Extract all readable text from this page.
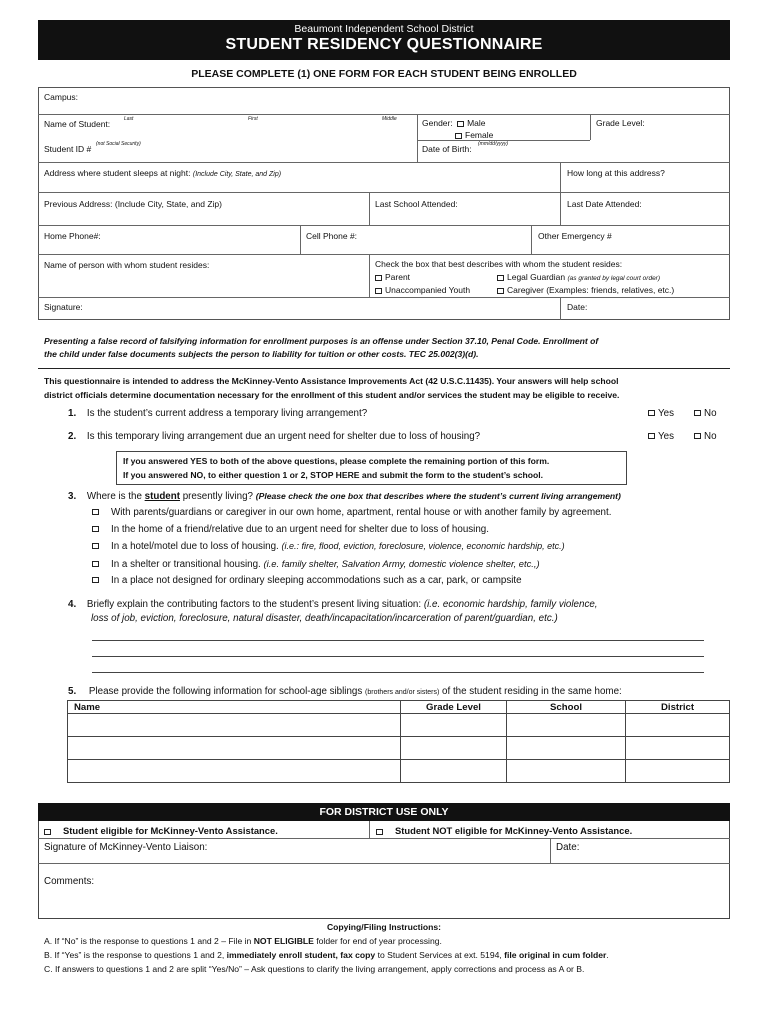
Beaumont Independent School District
STUDENT RESIDENCY QUESTIONNAIRE
PLEASE COMPLETE (1) ONE FORM FOR EACH STUDENT BEING ENROLLED
Campus:
Name of Student:	Last	First	Middle	Gender: Male
Female
Grade Level:
Student ID # (not Social Security)	Date of Birth: (mm/dd/yyyy)
Address where student sleeps at night: (Include City, State, and Zip)	How long at this address?
Previous Address: (Include City, State, and Zip)	Last School Attended:	Last Date Attended:
Home Phone#:	Cell Phone #:	Other Emergency #
Name of person with whom student resides:	Check the box that best describes with whom the student resides:
Parent	Legal Guardian (as granted by legal court order)
Unaccompanied Youth	Caregiver (Examples: friends, relatives, etc.)
Signature:	Date:
Presenting a false record of falsifying information for enrollment purposes is an offense under Section 37.10, Penal Code. Enrollment of
the child under false documents subjects the person to liability for tuition or other costs. TEC 25.002(3)(d).
This questionnaire is intended to address the McKinney-Vento Assistance Improvements Act (42 U.S.C.11435). Your answers will help school
district officials determine documentation necessary for the enrollment of this student and/or services the student may be eligible to receive.
1. Is the student’s current address a temporary living arrangement?	Yes	No
2. Is this temporary living arrangement due an urgent need for shelter due to loss of housing?	Yes	No
If you answered YES to both of the above questions, please complete the remaining portion of this form.
If you answered NO, to either question 1 or 2, STOP HERE and submit the form to the student’s school.
3. Where is the student presently living? (Please check the one box that describes where the student’s current living arrangement)
With parents/guardians or caregiver in our own home, apartment, rental house or with another family by agreement.
In the home of a friend/relative due to an urgent need for shelter due to loss of housing.
In a hotel/motel due to loss of housing. (i.e.: fire, flood, eviction, foreclosure, violence, economic hardship, etc.)
In a shelter or transitional housing. (i.e. family shelter, Salvation Army, domestic violence shelter, etc.,)
In a place not designed for ordinary sleeping accommodations such as a car, park, or campsite
4. Briefly explain the contributing factors to the student’s present living situation: (i.e. economic hardship, family violence,
loss of job, eviction, foreclosure, natural disaster, death/incapacitation/incarceration of parent/guardian, etc.)
5. Please provide the following information for school-age siblings (brothers and/or sisters) of the student residing in the same home:
Name	Grade Level	School	District

FOR DISTRICT USE ONLY
Student eligible for McKinney-Vento Assistance.	Student NOT eligible for McKinney-Vento Assistance.
Signature of McKinney-Vento Liaison:	Date:
Comments:
Copying/Filing Instructions:
A. If “No” is the response to questions 1 and 2 – File in NOT ELIGIBLE folder for end of year processing.
B. If “Yes” is the response to questions 1 and 2, immediately enroll student, fax copy to Student Services at ext. 5194, file original in cum folder.
C. If answers to questions 1 and 2 are split “Yes/No” – Ask questions to clarify the living arrangement, apply corrections and process as A or B.
